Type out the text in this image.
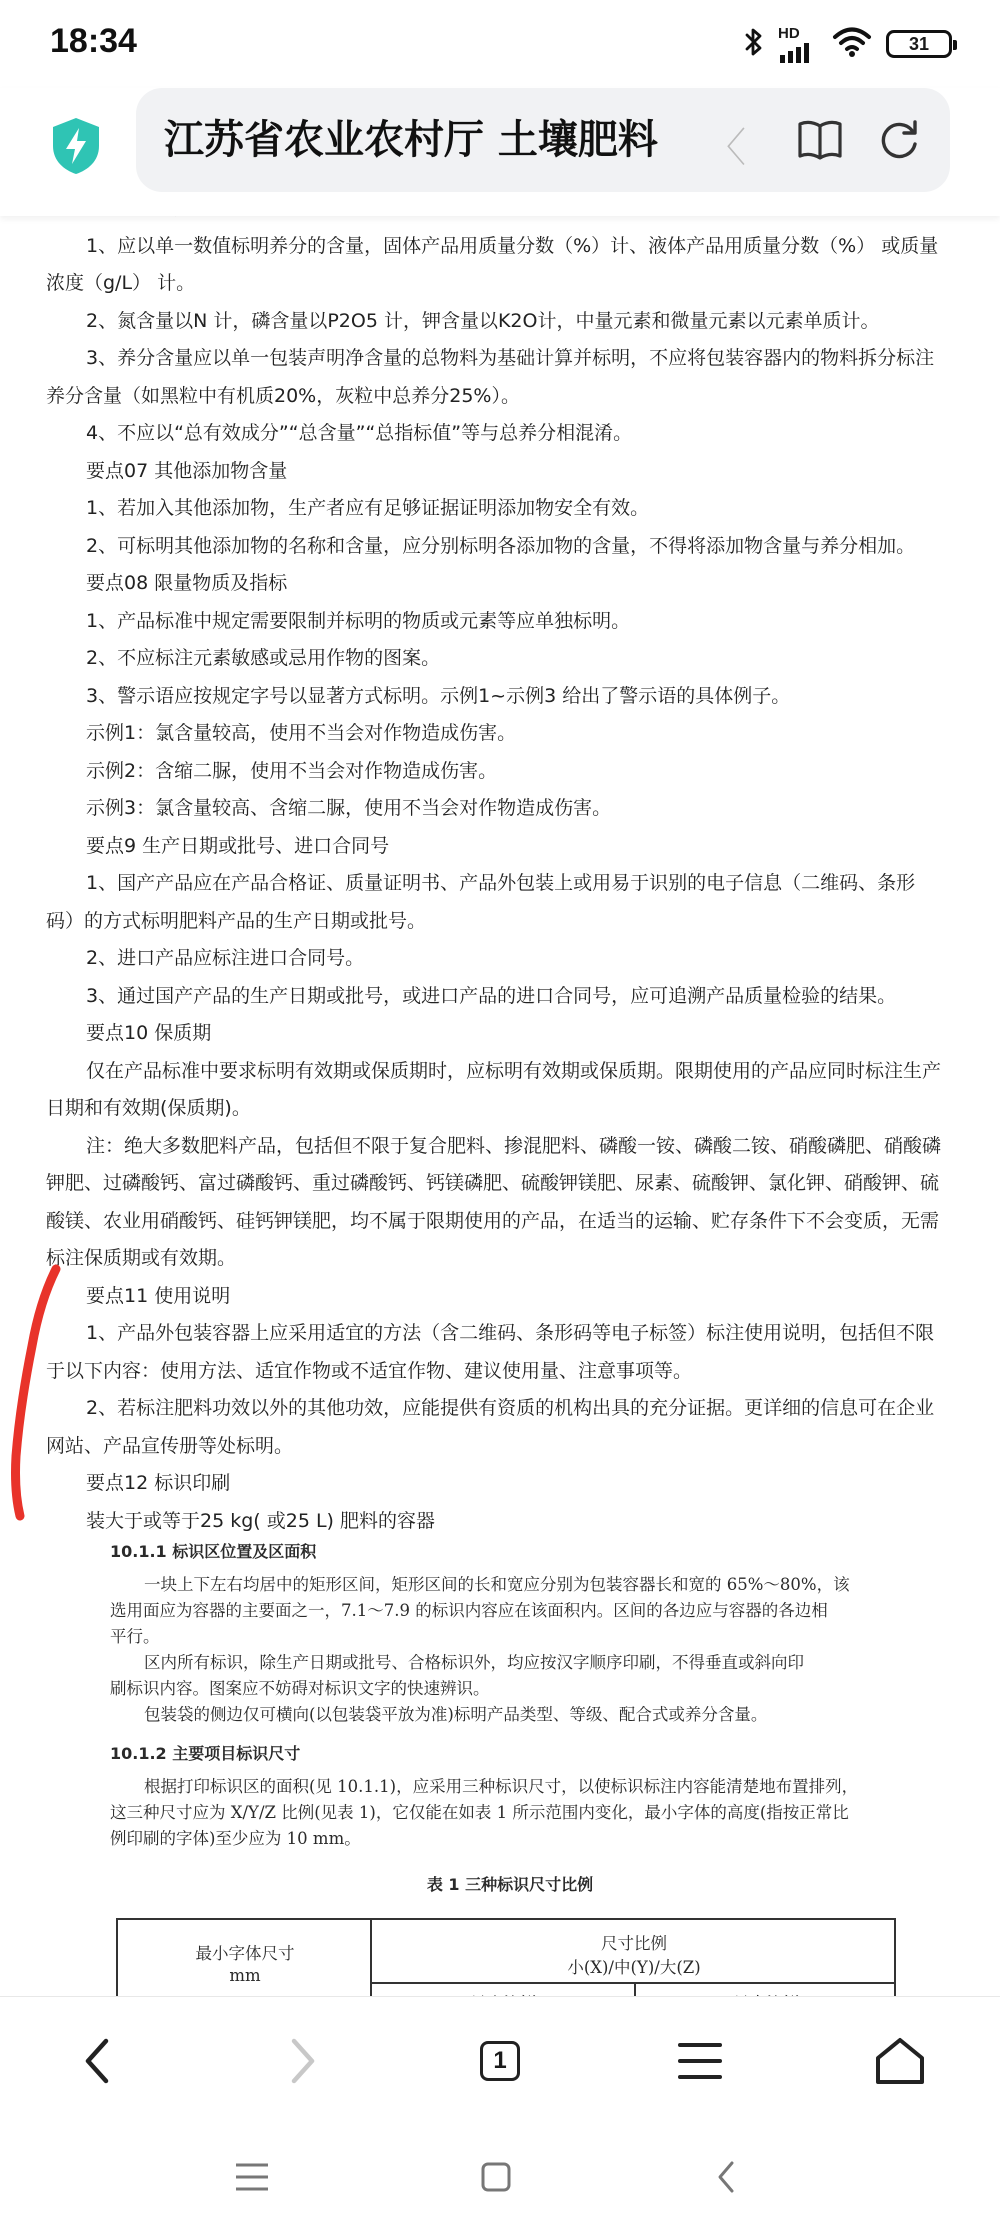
18:34	HD
31
江苏省农业农村厅 土壤肥料	〈
1、应以单一数值标明养分的含量，固体产品用质量分数（%）计、液体产品用质量分数（%） 或质量
浓度（g/L） 计。
2、氮含量以N 计，磷含量以P2O5 计，钾含量以K2O计，中量元素和微量元素以元素单质计。
3、养分含量应以单一包装声明净含量的总物料为基础计算并标明，不应将包装容器内的物料拆分标注
养分含量（如黑粒中有机质20%，灰粒中总养分25%）。
4、不应以“总有效成分”“总含量”“总指标值”等与总养分相混淆。
要点07 其他添加物含量
1、若加入其他添加物，生产者应有足够证据证明添加物安全有效。
2、可标明其他添加物的名称和含量，应分别标明各添加物的含量，不得将添加物含量与养分相加。
要点08 限量物质及指标
1、产品标准中规定需要限制并标明的物质或元素等应单独标明。
2、不应标注元素敏感或忌用作物的图案。
3、警示语应按规定字号以显著方式标明。示例1~示例3 给出了警示语的具体例子。
示例1：氯含量较高，使用不当会对作物造成伤害。
示例2：含缩二脲，使用不当会对作物造成伤害。
示例3：氯含量较高、含缩二脲，使用不当会对作物造成伤害。
要点9 生产日期或批号、进口合同号
1、国产产品应在产品合格证、质量证明书、产品外包装上或用易于识别的电子信息（二维码、条形
码）的方式标明肥料产品的生产日期或批号。
2、进口产品应标注进口合同号。
3、通过国产产品的生产日期或批号，或进口产品的进口合同号，应可追溯产品质量检验的结果。
要点10 保质期
仅在产品标准中要求标明有效期或保质期时，应标明有效期或保质期。限期使用的产品应同时标注生产
日期和有效期(保质期)。
注：绝大多数肥料产品，包括但不限于复合肥料、掺混肥料、磷酸一铵、磷酸二铵、硝酸磷肥、硝酸磷
钾肥、过磷酸钙、富过磷酸钙、重过磷酸钙、钙镁磷肥、硫酸钾镁肥、尿素、硫酸钾、氯化钾、硝酸钾、硫
酸镁、农业用硝酸钙、硅钙钾镁肥，均不属于限期使用的产品，在适当的运输、贮存条件下不会变质，无需
标注保质期或有效期。
要点11 使用说明
1、产品外包装容器上应采用适宜的方法（含二维码、条形码等电子标签）标注使用说明，包括但不限
于以下内容：使用方法、适宜作物或不适宜作物、建议使用量、注意事项等。
2、若标注肥料功效以外的其他功效，应能提供有资质的机构出具的充分证据。更详细的信息可在企业
网站、产品宣传册等处标明。
要点12 标识印刷
装大于或等于25 kg( 或25 L) 肥料的容器
10.1.1 标识区位置及区面积
一块上下左右均居中的矩形区间，矩形区间的长和宽应分别为包装容器长和宽的 65%～80%，该
选用面应为容器的主要面之一，7.1～7.9 的标识内容应在该面积内。区间的各边应与容器的各边相
平行。
区内所有标识，除生产日期或批号、合格标识外，均应按汉字顺序印刷，不得垂直或斜向印
刷标识内容。图案应不妨碍对标识文字的快速辨识。
包装袋的侧边仅可横向(以包装袋平放为准)标明产品类型、等级、配合式或养分含量。
10.1.2 主要项目标识尺寸
根据打印标识区的面积(见 10.1.1)，应采用三种标识尺寸，以使标识标注内容能清楚地布置排列，
这三种尺寸应为 X/Y/Z 比例(见表 1)，它仅能在如表 1 所示范围内变化，最小字体的高度(指按正常比
例印刷的字体)至少应为 10 mm。
表 1 三种标识尺寸比例
最小字体尺寸
mm
尺寸比例
小(X)/中(Y)/大(Z)
1
